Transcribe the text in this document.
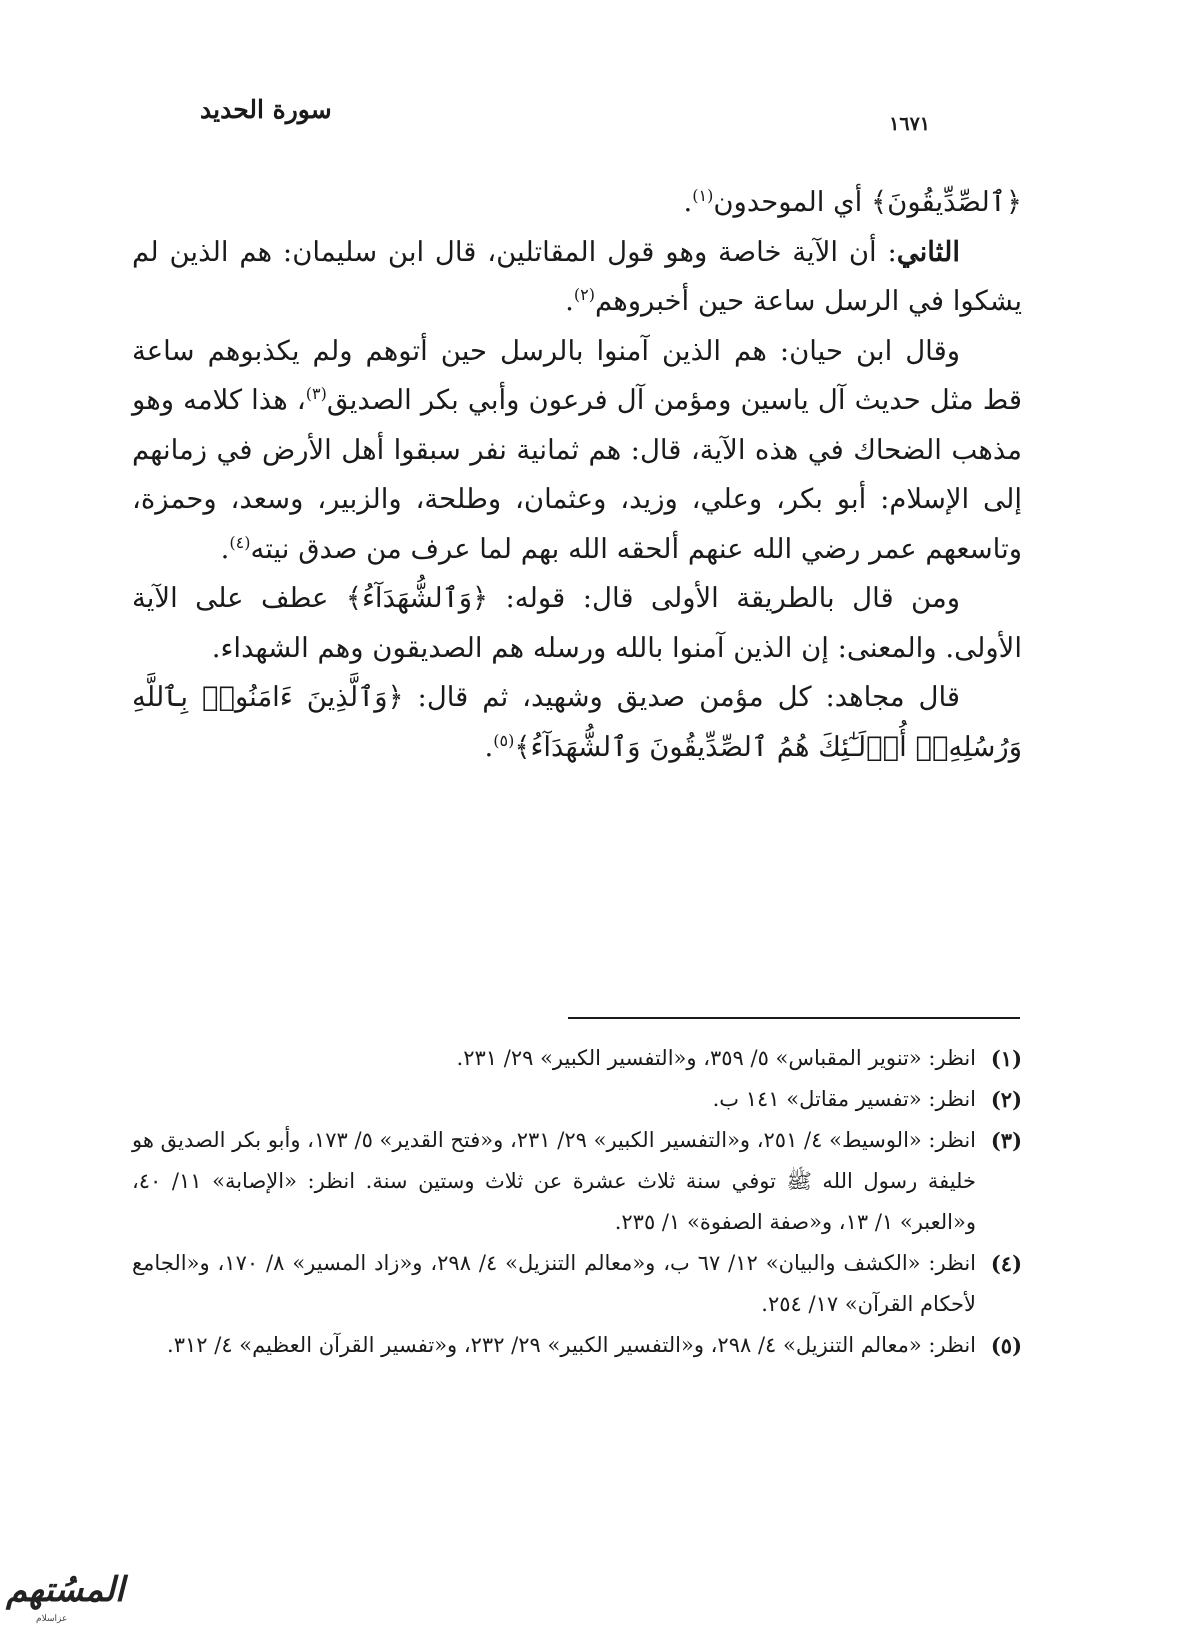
سورة الحديد	١٦٧١

﴿ٱلصِّدِّيقُونَ﴾ أي الموحدون$^{(١)}$.

الثاني: أن الآية خاصة وهو قول المقاتلين، قال ابن سليمان: هم الذين لم يشكوا في الرسل ساعة حين أخبروهم$^{(٢)}$.

وقال ابن حيان: هم الذين آمنوا بالرسل حين أتوهم ولم يكذبوهم ساعة قط مثل حديث آل ياسين ومؤمن آل فرعون وأبي بكر الصديق$^{(٣)}$، هذا كلامه وهو مذهب الضحاك في هذه الآية، قال: هم ثمانية نفر سبقوا أهل الأرض في زمانهم إلى الإسلام: أبو بكر، وعلي، وزيد، وعثمان، وطلحة، والزبير، وسعد، وحمزة، وتاسعهم عمر رضي الله عنهم ألحقه الله بهم لما عرف من صدق نيته$^{(٤)}$.

ومن قال بالطريقة الأولى قال: قوله: ﴿وَٱلشُّهَدَآءُ﴾ عطف على الآية الأولى. والمعنى: إن الذين آمنوا بالله ورسله هم الصديقون وهم الشهداء.

قال مجاهد: كل مؤمن صديق وشهيد، ثم قال: ﴿وَٱلَّذِينَ ءَامَنُوا۟ بِٱللَّهِ وَرُسُلِهِۦٓ أُو۟لَـٰٓئِكَ هُمُ ٱلصِّدِّيقُونَ وَٱلشُّهَدَآءُ﴾$^{(٥)}$.

(١)
انظر: «تنوير المقباس» ٥/ ٣٥٩، و«التفسير الكبير» ٢٩/ ٢٣١.
(٢)
انظر: «تفسير مقاتل» ١٤١ ب.
(٣)
انظر: «الوسيط» ٤/ ٢٥١، و«التفسير الكبير» ٢٩/ ٢٣١، و«فتح القدير» ٥/ ١٧٣، وأبو بكر الصديق هو خليفة رسول الله ﷺ توفي سنة ثلاث عشرة عن ثلاث وستين سنة. انظر: «الإصابة» ١١/ ٤٠، و«العبر» ١/ ١٣، و«صفة الصفوة» ١/ ٢٣٥.
(٤)
انظر: «الكشف والبيان» ١٢/ ٦٧ ب، و«معالم التنزيل» ٤/ ٢٩٨، و«زاد المسير» ٨/ ١٧٠، و«الجامع لأحكام القرآن» ١٧/ ٢٥٤.
(٥)
انظر: «معالم التنزيل» ٤/ ٢٩٨، و«التفسير الكبير» ٢٩/ ٢٣٢، و«تفسير القرآن العظيم» ٤/ ٣١٢.
المسُتهم
عزاسلام
